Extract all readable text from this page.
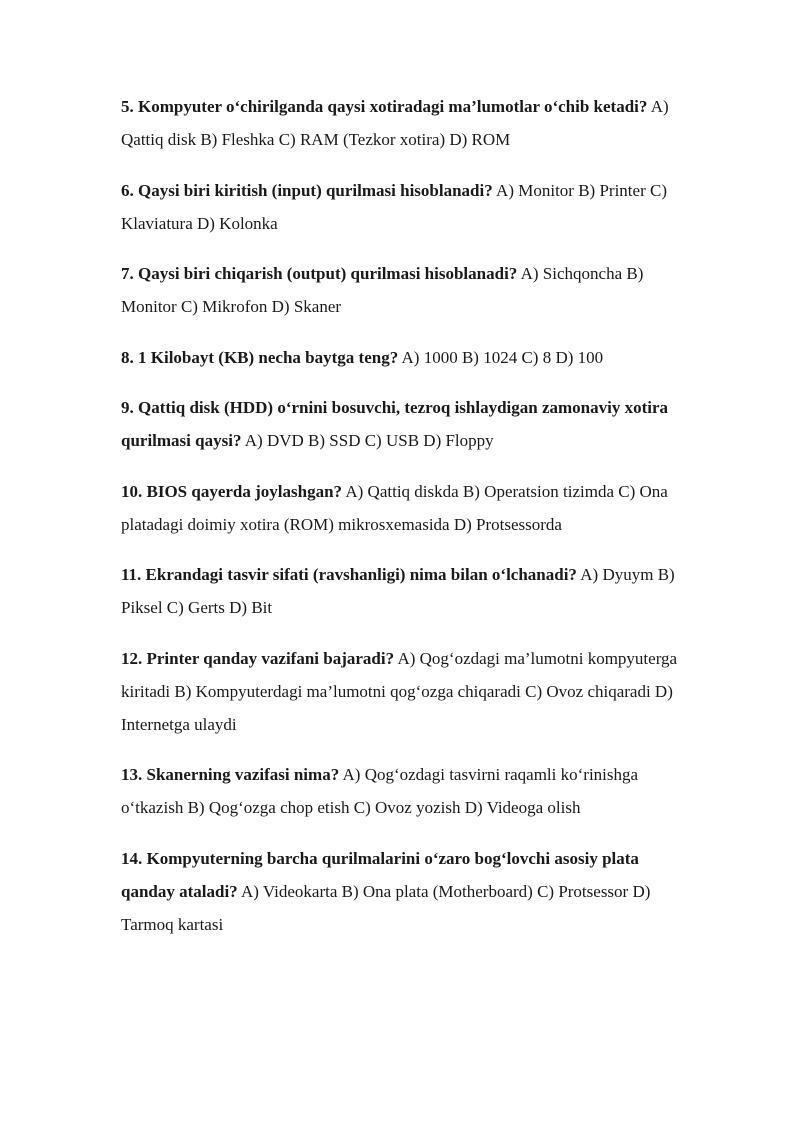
5. Kompyuter o‘chirilganda qaysi xotiradagi ma’lumotlar o‘chib ketadi? A) Qattiq disk B) Fleshka C) RAM (Tezkor xotira) D) ROM

6. Qaysi biri kiritish (input) qurilmasi hisoblanadi? A) Monitor B) Printer C) Klaviatura D) Kolonka

7. Qaysi biri chiqarish (output) qurilmasi hisoblanadi? A) Sichqoncha B) Monitor C) Mikrofon D) Skaner

8. 1 Kilobayt (KB) necha baytga teng? A) 1000 B) 1024 C) 8 D) 100

9. Qattiq disk (HDD) o‘rnini bosuvchi, tezroq ishlaydigan zamonaviy xotira qurilmasi qaysi? A) DVD B) SSD C) USB D) Floppy

10. BIOS qayerda joylashgan? A) Qattiq diskda B) Operatsion tizimda C) Ona platadagi doimiy xotira (ROM) mikrosxemasida D) Protsessorda

11. Ekrandagi tasvir sifati (ravshanligi) nima bilan o‘lchanadi? A) Dyuym B) Piksel C) Gerts D) Bit

12. Printer qanday vazifani bajaradi? A) Qog‘ozdagi ma’lumotni kompyuterga kiritadi B) Kompyuterdagi ma’lumotni qog‘ozga chiqaradi C) Ovoz chiqaradi D) Internetga ulaydi

13. Skanerning vazifasi nima? A) Qog‘ozdagi tasvirni raqamli ko‘rinishga o‘tkazish B) Qog‘ozga chop etish C) Ovoz yozish D) Videoga olish

14. Kompyuterning barcha qurilmalarini o‘zaro bog‘lovchi asosiy plata qanday ataladi? A) Videokarta B) Ona plata (Motherboard) C) Protsessor D) Tarmoq kartasi
